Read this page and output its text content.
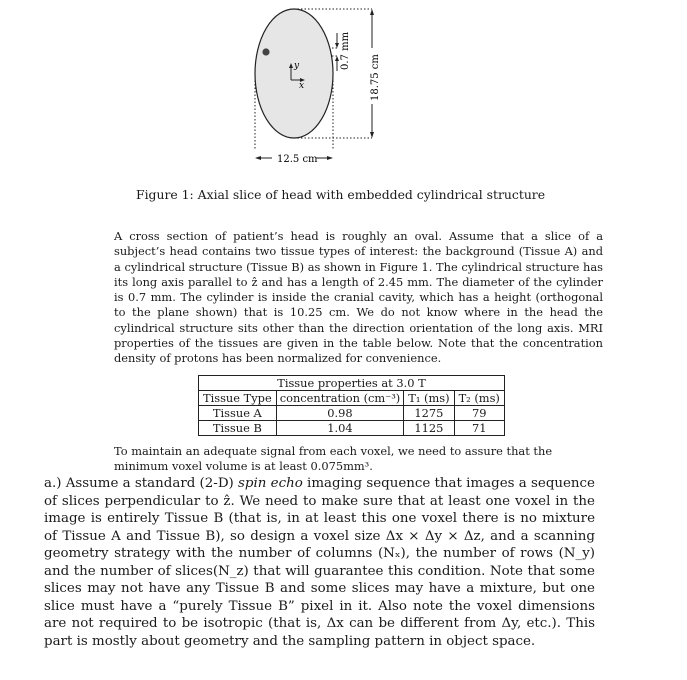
y
x
0.7 mm
18.75 cm
12.5 cm
Figure 1: Axial slice of head with embedded cylindrical structure
A cross section of patient’s head is roughly an oval. Assume that a slice of a subject’s head contains two tissue types of interest: the background (Tissue A) and a cylindrical structure (Tissue B) as shown in Figure 1. The cylindrical structure has its long axis parallel to ẑ and has a length of 2.45 mm. The diameter of the cylinder is 0.7 mm. The cylinder is inside the cranial cavity, which has a height (orthogonal to the plane shown) that is 10.25 cm. We do not know where in the head the cylindrical structure sits other than the direction orientation of the long axis. MRI properties of the tissues are given in the table below. Note that the concentration density of protons has been normalized for convenience.
Tissue properties at 3.0 T			
Tissue Type	concentration (cm⁻³)	T₁ (ms)	T₂ (ms)
Tissue A	0.98	1275	79
Tissue B	1.04	1125	71
To maintain an adequate signal from each voxel, we need to assure that the minimum voxel volume is at least 0.075mm³.
a.) Assume a standard (2-D) spin echo imaging sequence that images a sequence of slices perpendicular to ẑ. We need to make sure that at least one voxel in the image is entirely Tissue B (that is, in at least this one voxel there is no mixture of Tissue A and Tissue B), so design a voxel size Δx × Δy × Δz, and a scanning geometry strategy with the number of columns (Nₓ), the number of rows (N_y) and the number of slices(N_z) that will guarantee this condition. Note that some slices may not have any Tissue B and some slices may have a mixture, but one slice must have a “purely Tissue B” pixel in it. Also note the voxel dimensions are not required to be isotropic (that is, Δx can be different from Δy, etc.). This part is mostly about geometry and the sampling pattern in object space.
